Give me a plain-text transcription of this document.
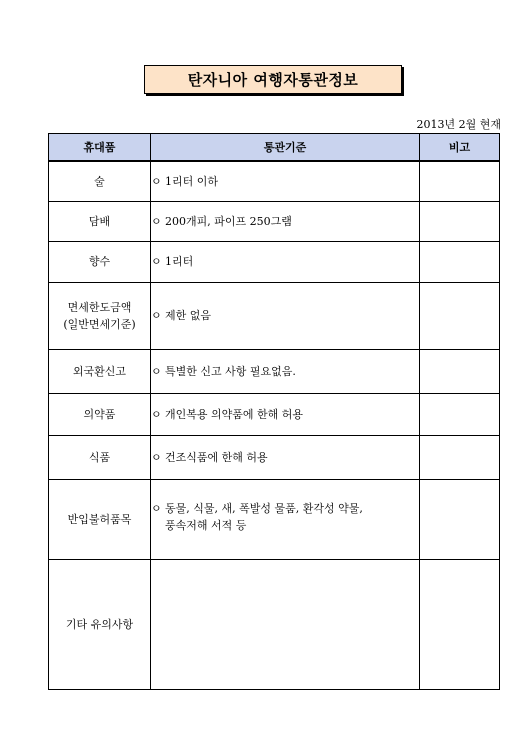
탄자니아 여행자통관정보
2013년 2월 현재
휴대품	통관기준	비고
술	ㅇ 1리터 이하	
담배	ㅇ 200개피, 파이프 250그램	
향수	ㅇ 1리터	

면세한도금액
(일반면세기준)	ㅇ 제한 없음	
외국환신고	ㅇ 특별한 신고 사항 필요없음.	
의약품	ㅇ 개인복용 의약품에 한해 허용	
식품	ㅇ 건조식품에 한해 허용	
반입불허품목	ㅇ 동물, 식물, 새, 폭발성 물품, 환각성 약물,
풍속저해 서적 등	

기타 유의사항		
